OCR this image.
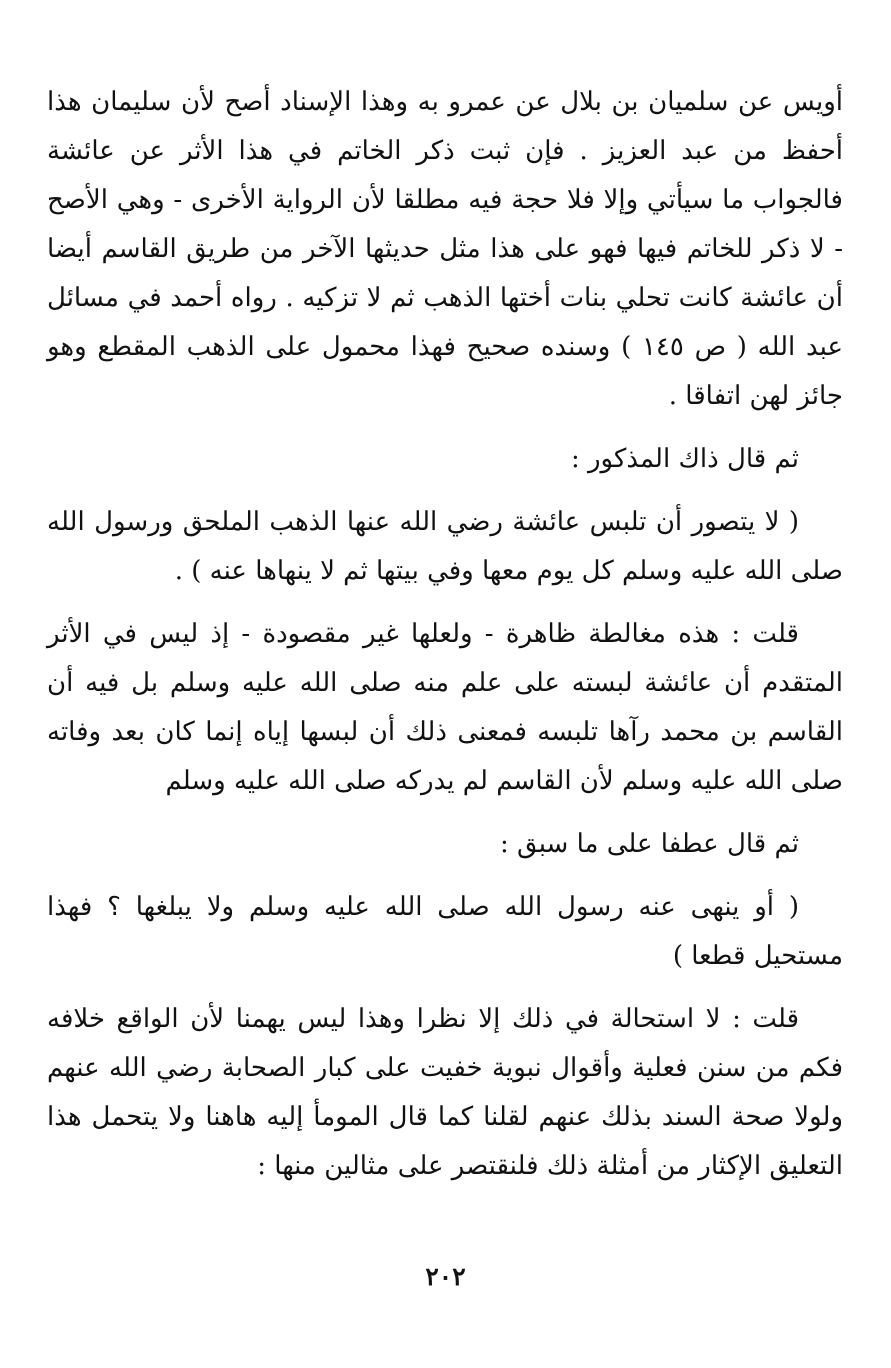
أويس عن سلميان بن بلال عن عمرو به وهذا الإسناد أصح لأن سليمان هذا أحفظ من عبد العزيز . فإن ثبت ذكر الخاتم في هذا الأثر عن عائشة فالجواب ما سيأتي وإلا فلا حجة فيه مطلقا لأن الرواية الأخرى - وهي الأصح - لا ذكر للخاتم فيها فهو على هذا مثل حديثها الآخر من طريق القاسم أيضا أن عائشة كانت تحلي بنات أختها الذهب ثم لا تزكيه . رواه أحمد في مسائل عبد الله ( ص ١٤٥ ) وسنده صحيح فهذا محمول على الذهب المقطع وهو جائز لهن اتفاقا .

ثم قال ذاك المذكور :

( لا يتصور أن تلبس عائشة رضي الله عنها الذهب الملحق ورسول الله صلى الله عليه وسلم كل يوم معها وفي بيتها ثم لا ينهاها عنه ) .

قلت : هذه مغالطة ظاهرة - ولعلها غير مقصودة - إذ ليس في الأثر المتقدم أن عائشة لبسته على علم منه صلى الله عليه وسلم بل فيه أن القاسم بن محمد رآها تلبسه فمعنى ذلك أن لبسها إياه إنما كان بعد وفاته صلى الله عليه وسلم لأن القاسم لم يدركه صلى الله عليه وسلم

ثم قال عطفا على ما سبق :

( أو ينهى عنه رسول الله صلى الله عليه وسلم ولا يبلغها ؟ فهذا مستحيل قطعا )

قلت : لا استحالة في ذلك إلا نظرا وهذا ليس يهمنا لأن الواقع خلافه فكم من سنن فعلية وأقوال نبوية خفيت على كبار الصحابة رضي الله عنهم ولولا صحة السند بذلك عنهم لقلنا كما قال المومأ إليه هاهنا ولا يتحمل هذا التعليق الإكثار من أمثلة ذلك فلنقتصر على مثالين منها :

٢٠٢
